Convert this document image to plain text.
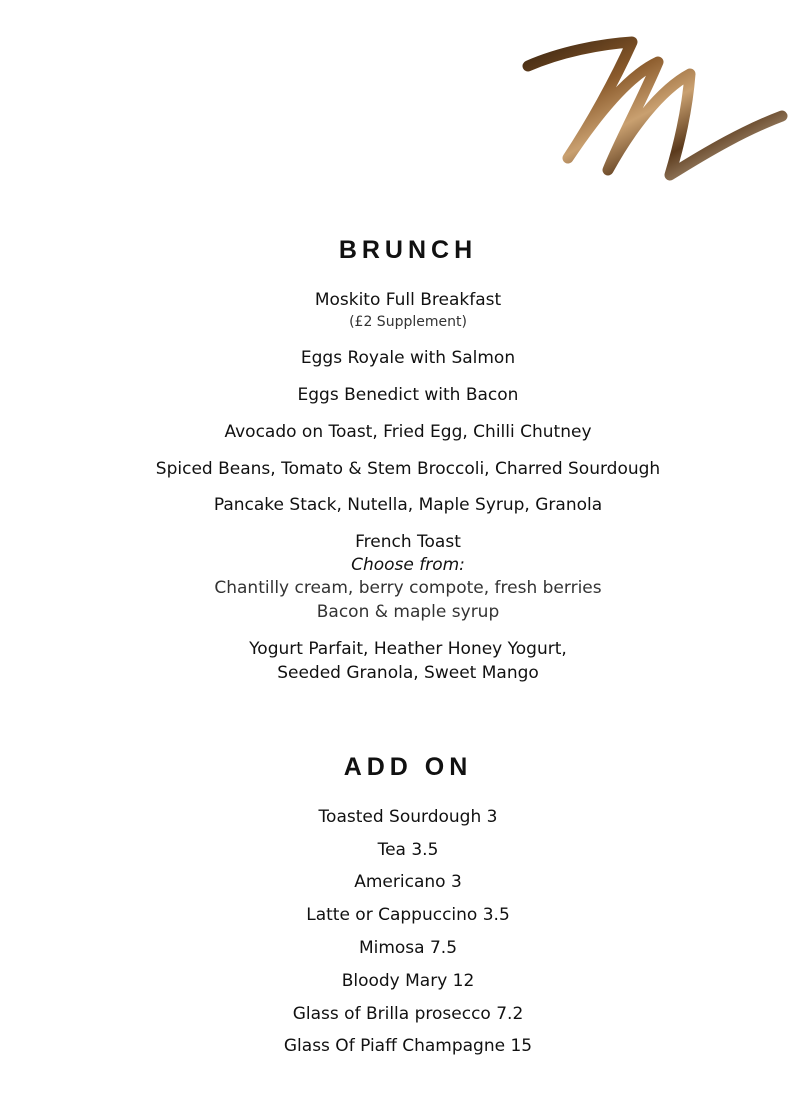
BRUNCH
Moskito Full Breakfast
(£2 Supplement)
Eggs Royale with Salmon
Eggs Benedict with Bacon
Avocado on Toast, Fried Egg, Chilli Chutney
Spiced Beans, Tomato & Stem Broccoli, Charred Sourdough
Pancake Stack, Nutella, Maple Syrup, Granola
French Toast
Choose from:
Chantilly cream, berry compote, fresh berries
Bacon & maple syrup
Yogurt Parfait, Heather Honey Yogurt,
Seeded Granola, Sweet Mango
ADD ON
Toasted Sourdough 3
Tea 3.5
Americano 3
Latte or Cappuccino 3.5
Mimosa 7.5
Bloody Mary 12
Glass of Brilla prosecco 7.2
Glass Of Piaff Champagne 15
